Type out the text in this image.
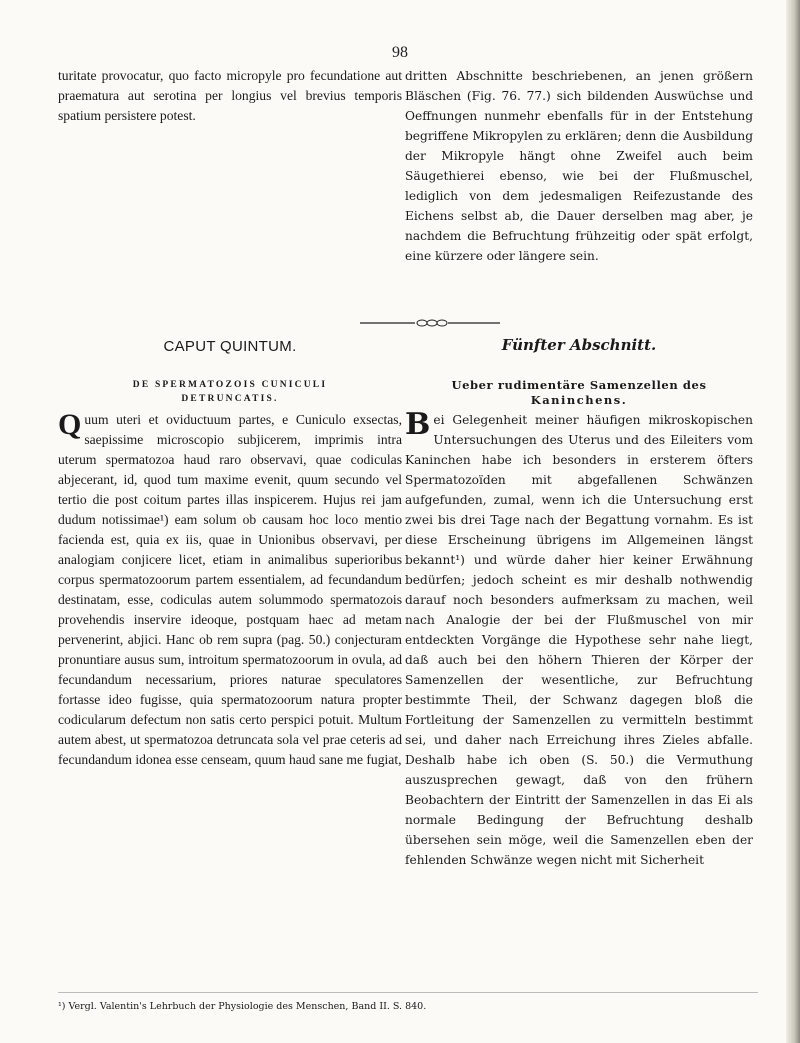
98

turitate provocatur, quo facto micropyle pro fecundatione aut praematura aut serotina per longius vel brevius temporis spatium persistere potest.

dritten Abschnitte beschriebenen, an jenen größern Bläschen (Fig. 76. 77.) sich bildenden Auswüchse und Oeffnungen nunmehr ebenfalls für in der Entstehung begriffene Mikropylen zu erklären; denn die Ausbildung der Mikropyle hängt ohne Zweifel auch beim Säugethierei ebenso, wie bei der Flußmuschel, lediglich von dem jedesmaligen Reifezustande des Eichens selbst ab, die Dauer derselben mag aber, je nachdem die Befruchtung frühzeitig oder spät erfolgt, eine kürzere oder längere sein.

CAPUT QUINTUM.	Fünfter Abschnitt.
DE SPERMATOZOIS CUNICULI
DETRUNCATIS.
Ueber rudimentäre Samenzellen des
Kaninchens.

Quum uteri et oviductuum partes, e Cuniculo exsectas, saepissime microscopio subjicerem, imprimis intra uterum spermatozoa haud raro observavi, quae codiculas abjecerant, id, quod tum maxime evenit, quum secundo vel tertio die post coitum partes illas inspicerem. Hujus rei jam dudum notissimae¹) eam solum ob causam hoc loco mentio facienda est, quia ex iis, quae in Unionibus observavi, per analogiam conjicere licet, etiam in animalibus superioribus corpus spermatozoorum partem essentialem, ad fecundandum destinatam, esse, codiculas autem solummodo spermatozois provehendis inservire ideoque, postquam haec ad metam pervenerint, abjici. Hanc ob rem supra (pag. 50.) conjecturam pronuntiare ausus sum, introitum spermatozoorum in ovula, ad fecundandum necessarium, priores naturae speculatores fortasse ideo fugisse, quia spermatozoorum natura propter codicularum defectum non satis certo perspici potuit. Multum autem abest, ut spermatozoa detruncata sola vel prae ceteris ad fecundandum idonea esse censeam, quum haud sane me fugiat,

Bei Gelegenheit meiner häufigen mikroskopischen Untersuchungen des Uterus und des Eileiters vom Kaninchen habe ich besonders in ersterem öfters Spermatozoïden mit abgefallenen Schwänzen aufgefunden, zumal, wenn ich die Untersuchung erst zwei bis drei Tage nach der Begattung vornahm. Es ist diese Erscheinung übrigens im Allgemeinen längst bekannt¹) und würde daher hier keiner Erwähnung bedürfen; jedoch scheint es mir deshalb nothwendig darauf noch besonders aufmerksam zu machen, weil nach Analogie der bei der Flußmuschel von mir entdeckten Vorgänge die Hypothese sehr nahe liegt, daß auch bei den höhern Thieren der Körper der Samenzellen der wesentliche, zur Befruchtung bestimmte Theil, der Schwanz dagegen bloß die Fortleitung der Samenzellen zu vermitteln bestimmt sei, und daher nach Erreichung ihres Zieles abfalle. Deshalb habe ich oben (S. 50.) die Vermuthung auszusprechen gewagt, daß von den frühern Beobachtern der Eintritt der Samenzellen in das Ei als normale Bedingung der Befruchtung deshalb übersehen sein möge, weil die Samenzellen eben der fehlenden Schwänze wegen nicht mit Sicherheit

¹) Vergl. Valentin's Lehrbuch der Physiologie des Menschen, Band II. S. 840.
